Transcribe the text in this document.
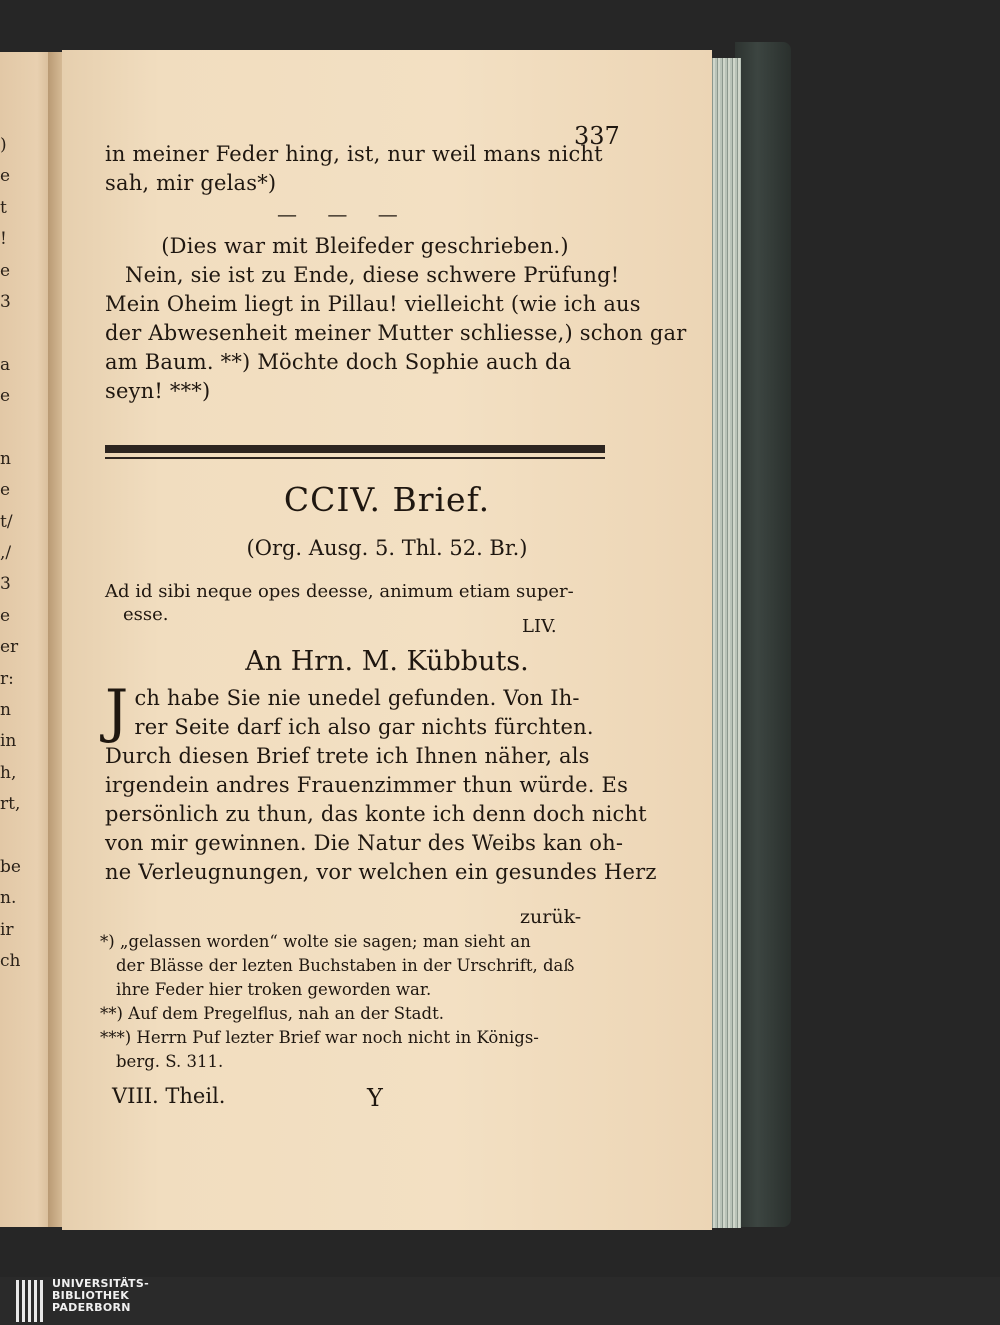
)
e
t
!
e
3
a
e
n
e
t/
,/
3
e
er
r:
n
in
h,
rt,
be
n.
ir
ch
337
in meiner Feder hing, ist, nur weil mans nicht
sah, mir gelas*)
— — —
(Dies war mit Bleifeder geschrieben.)
Nein, sie ist zu Ende, diese schwere Prüfung!
Mein Oheim liegt in Pillau! vielleicht (wie ich aus
der Abwesenheit meiner Mutter schliesse,) schon gar
am Baum. **) Möchte doch Sophie auch da
seyn! ***)
CCIV. Brief.
(Org. Ausg. 5. Thl. 52. Br.)
Ad id sibi neque opes deesse, animum etiam super-
esse.
LIV.
An Hrn. M. Kübbuts.
J ch habe Sie nie unedel gefunden. Von Ih-
rer Seite darf ich also gar nichts fürchten.
Durch diesen Brief trete ich Ihnen näher, als
irgendein andres Frauenzimmer thun würde. Es
persönlich zu thun, das konte ich denn doch nicht
von mir gewinnen. Die Natur des Weibs kan oh-
ne Verleugnungen, vor welchen ein gesundes Herz
zurük-
*) „gelassen worden“ wolte sie sagen; man sieht an
der Blässe der lezten Buchstaben in der Urschrift, daß
ihre Feder hier troken geworden war.
**) Auf dem Pregelflus, nah an der Stadt.
***) Herrn Puf lezter Brief war noch nicht in Königs-
berg. S. 311.
VIII. Theil.	Y
UNIVERSITÄTS-
BIBLIOTHEK
PADERBORN
